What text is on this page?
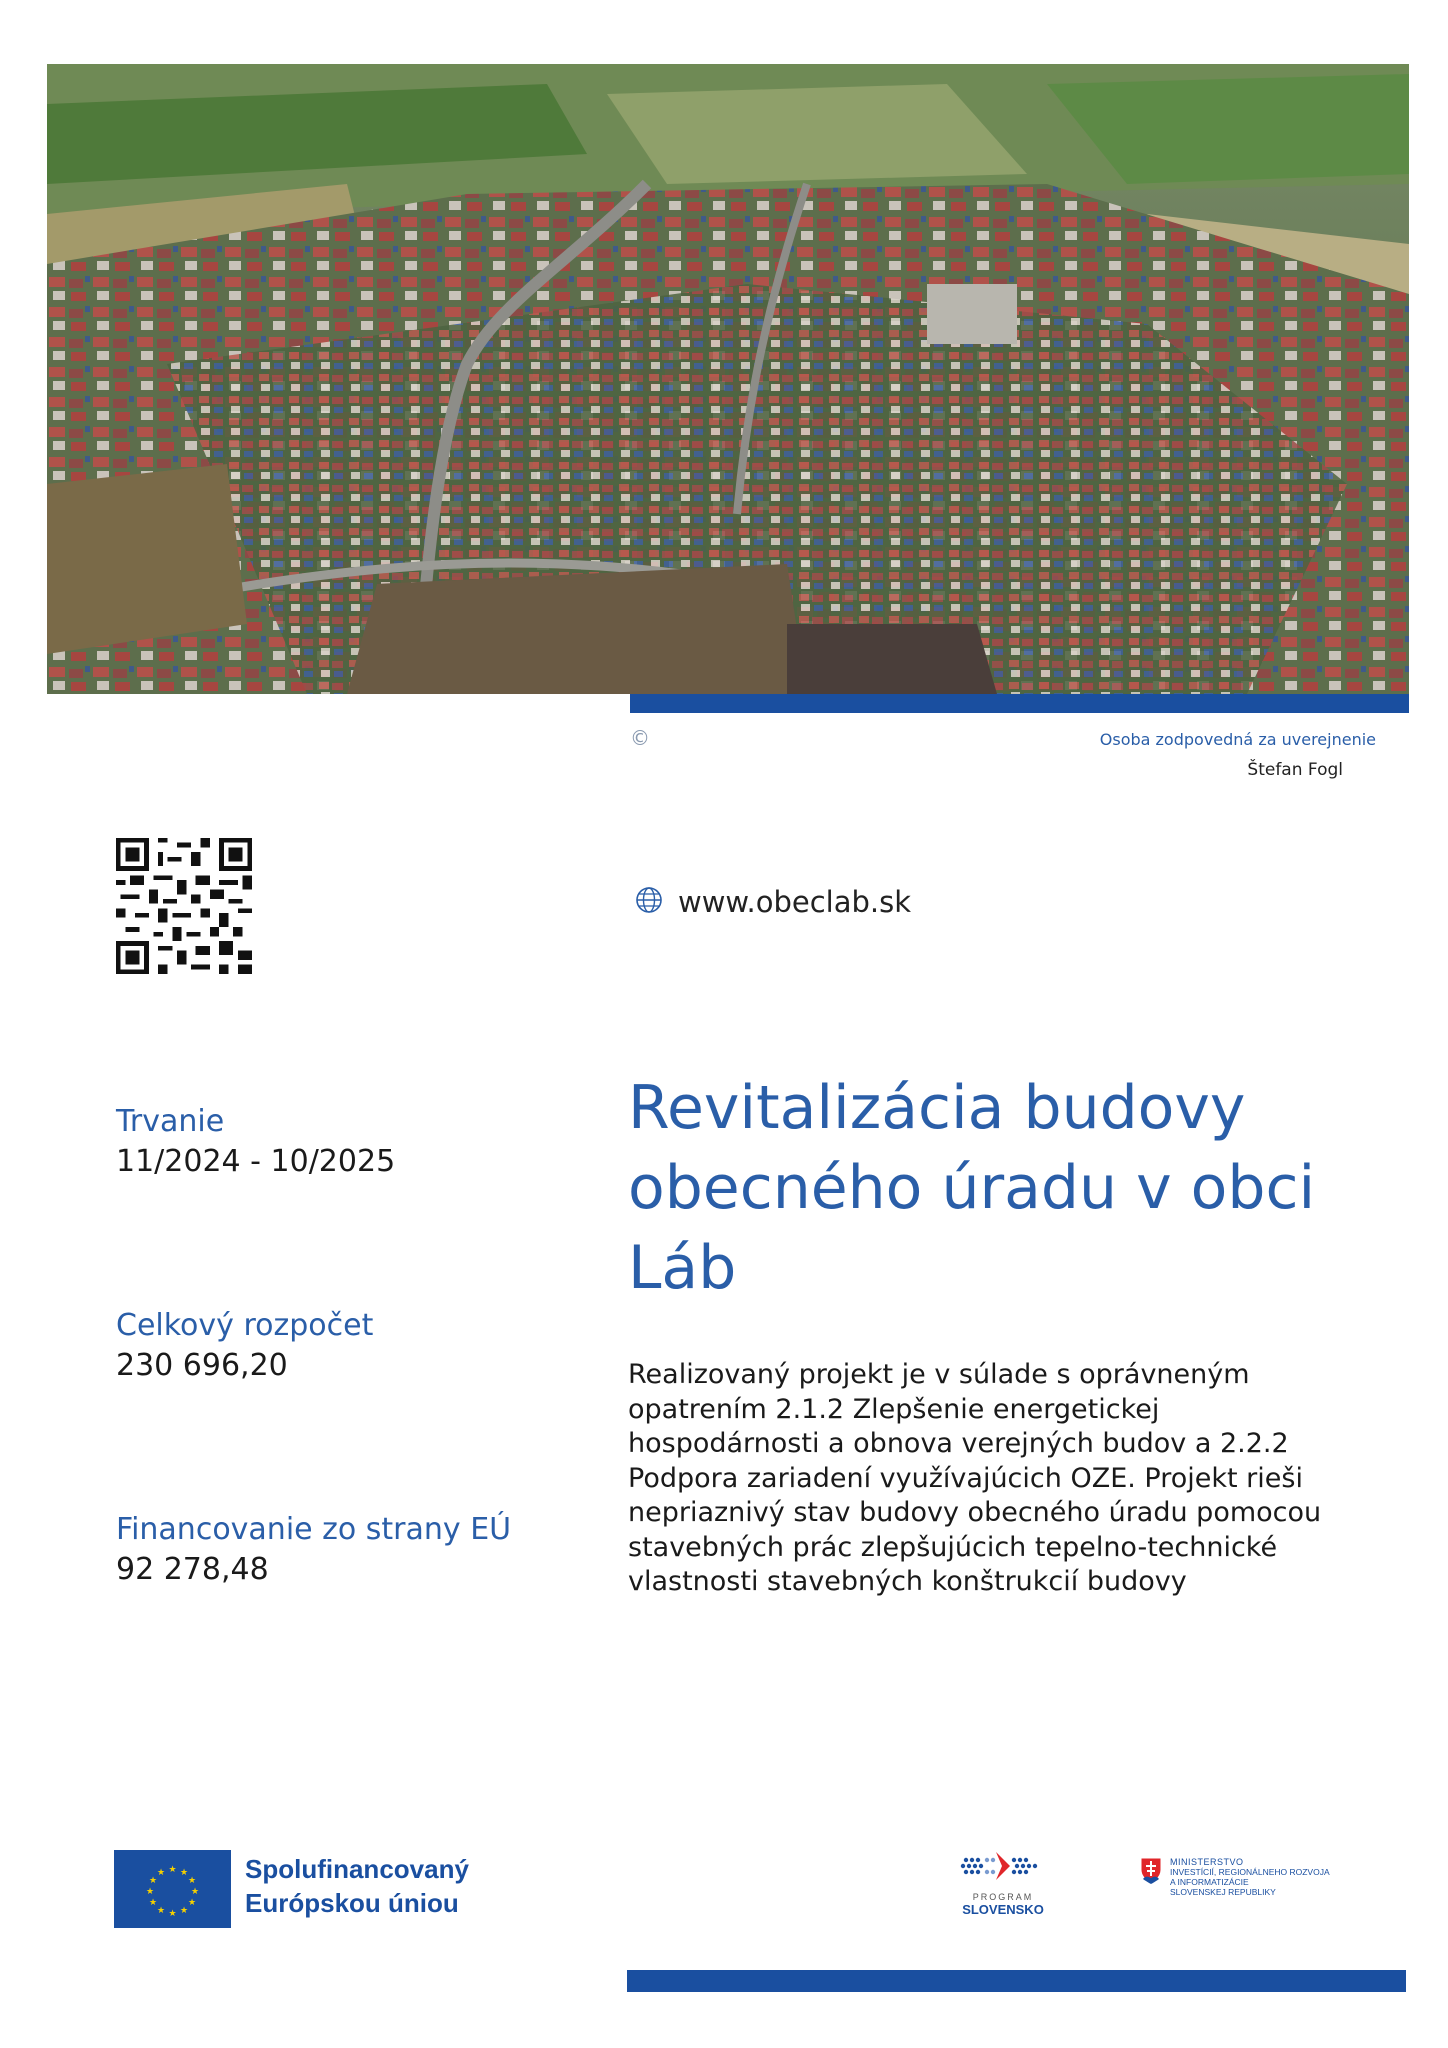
©	Osoba zodpovedná za uverejnenie
Štefan Fogl
www.obeclab.sk
Revitalizácia budovy obecného úradu v obci Láb
Trvanie
11/2024 - 10/2025
Celkový rozpočet
230 696,20
Financovanie zo strany EÚ
92 278,48
Realizovaný projekt je v súlade s oprávneným
opatrením 2.1.2 Zlepšenie energetickej
hospodárnosti a obnova verejných budov a 2.2.2
Podpora zariadení využívajúcich OZE. Projekt rieši
nepriaznivý stav budovy obecného úradu pomocou
stavebných prác zlepšujúcich tepelno-technické
vlastnosti stavebných konštrukcií budovy
★ ★
★
★
★
★
★
★
★
★
★
★	Spolufinancovaný
Európskou úniou	PROGRAM
SLOVENSKO
MINISTERSTVO
INVESTÍCIÍ, REGIONÁLNEHO ROZVOJA
A INFORMATIZÁCIE
SLOVENSKEJ REPUBLIKY
